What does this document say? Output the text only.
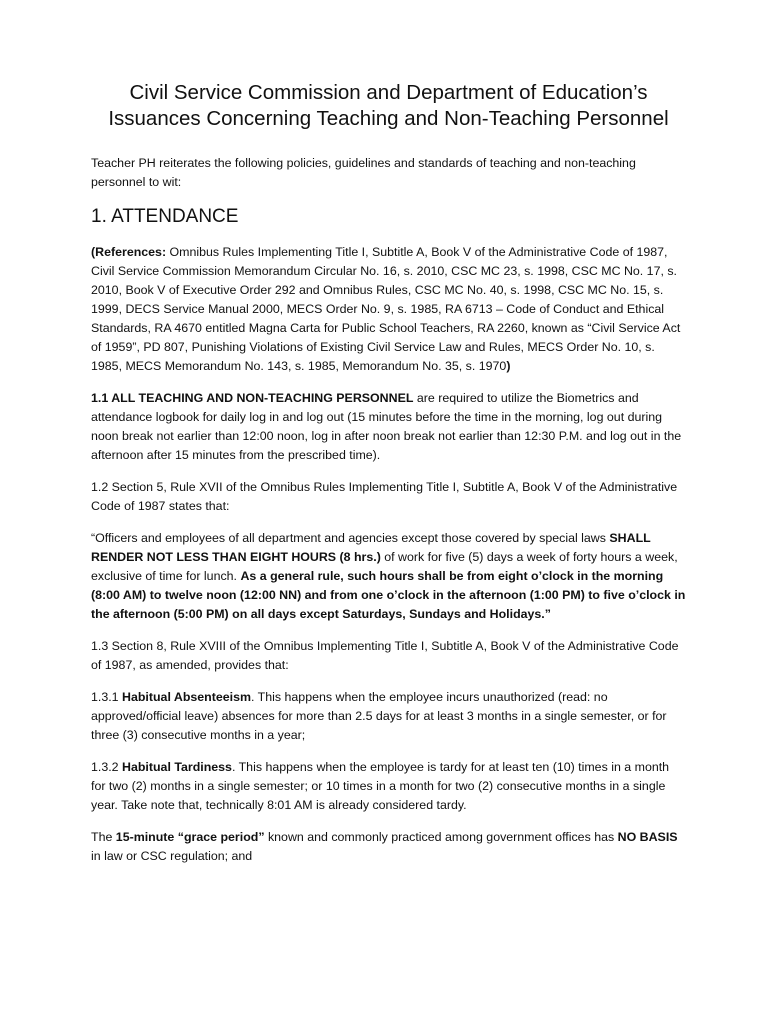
Civil Service Commission and Department of Education’s Issuances Concerning Teaching and Non-Teaching Personnel

Teacher PH reiterates the following policies, guidelines and standards of teaching and non-teaching personnel to wit:

1. ATTENDANCE

(References: Omnibus Rules Implementing Title I, Subtitle A, Book V of the Administrative Code of 1987, Civil Service Commission Memorandum Circular No. 16, s. 2010, CSC MC 23, s. 1998, CSC MC No. 17, s. 2010, Book V of Executive Order 292 and Omnibus Rules, CSC MC No. 40, s. 1998, CSC MC No. 15, s. 1999, DECS Service Manual 2000, MECS Order No. 9, s. 1985, RA 6713 – Code of Conduct and Ethical Standards, RA 4670 entitled Magna Carta for Public School Teachers, RA 2260, known as “Civil Service Act of 1959”, PD 807, Punishing Violations of Existing Civil Service Law and Rules, MECS Order No. 10, s. 1985, MECS Memorandum No. 143, s. 1985, Memorandum No. 35, s. 1970)

1.1 ALL TEACHING AND NON-TEACHING PERSONNEL are required to utilize the Biometrics and attendance logbook for daily log in and log out (15 minutes before the time in the morning, log out during noon break not earlier than 12:00 noon, log in after noon break not earlier than 12:30 P.M. and log out in the afternoon after 15 minutes from the prescribed time).

1.2 Section 5, Rule XVII of the Omnibus Rules Implementing Title I, Subtitle A, Book V of the Administrative Code of 1987 states that:

“Officers and employees of all department and agencies except those covered by special laws SHALL RENDER NOT LESS THAN EIGHT HOURS (8 hrs.) of work for five (5) days a week of forty hours a week, exclusive of time for lunch. As a general rule, such hours shall be from eight o’clock in the morning (8:00 AM) to twelve noon (12:00 NN) and from one o’clock in the afternoon (1:00 PM) to five o’clock in the afternoon (5:00 PM) on all days except Saturdays, Sundays and Holidays.”

1.3 Section 8, Rule XVIII of the Omnibus Implementing Title I, Subtitle A, Book V of the Administrative Code of 1987, as amended, provides that:

1.3.1 Habitual Absenteeism. This happens when the employee incurs unauthorized (read: no approved/official leave) absences for more than 2.5 days for at least 3 months in a single semester, or for three (3) consecutive months in a year;

1.3.2 Habitual Tardiness. This happens when the employee is tardy for at least ten (10) times in a month for two (2) months in a single semester; or 10 times in a month for two (2) consecutive months in a single year. Take note that, technically 8:01 AM is already considered tardy.

The 15-minute “grace period” known and commonly practiced among government offices has NO BASIS in law or CSC regulation; and
